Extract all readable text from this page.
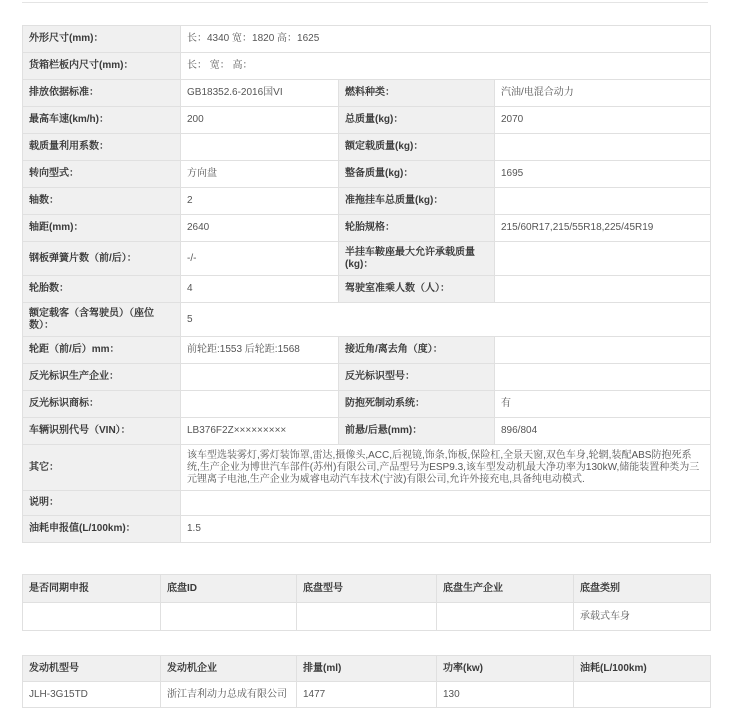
外形尺寸(mm)：	长：4340 宽：1820 高：1625		
货箱栏板内尺寸(mm)：	长： 宽： 高：		
排放依据标准：	GB18352.6-2016国VI	燃料种类：	汽油/电混合动力
最高车速(km/h)：	200	总质量(kg)：	2070
载质量利用系数：		额定载质量(kg)：	
转向型式：	方向盘	整备质量(kg)：	1695
轴数：	2	准拖挂车总质量(kg)：	
轴距(mm)：	2640	轮胎规格：	215/60R17,215/55R18,225/45R19
钢板弹簧片数（前/后）：	-/-	半挂车鞍座最大允许承载质量(kg)：	
轮胎数：	4	驾驶室准乘人数（人）：	
额定载客（含驾驶员）（座位数）：	5		
轮距（前/后）mm：	前轮距:1553 后轮距:1568	接近角/离去角（度）：	
反光标识生产企业：		反光标识型号：	
反光标识商标：		防抱死制动系统：	有
车辆识别代号（VIN）：	LB376F2Z×××××××××	前悬/后悬(mm)：	896/804
其它：	该车型选装雾灯,雾灯装饰罩,雷达,摄像头,ACC,后视镜,饰条,饰板,保险杠,全景天窗,双色车身,轮辋,装配ABS防抱死系统,生产企业为博世汽车部件(苏州)有限公司,产品型号为ESP9.3,该车型发动机最大净功率为130kW,储能装置种类为三元锂离子电池,生产企业为威睿电动汽车技术(宁波)有限公司,允许外接充电,具备纯电动模式.		
说明：			
油耗申报值(L/100km)：	1.5		
是否同期申报	底盘ID	底盘型号	底盘生产企业	底盘类别
				承载式车身
发动机型号	发动机企业	排量(ml)	功率(kw)	油耗(L/100km)
JLH-3G15TD	浙江吉利动力总成有限公司	1477	130	
